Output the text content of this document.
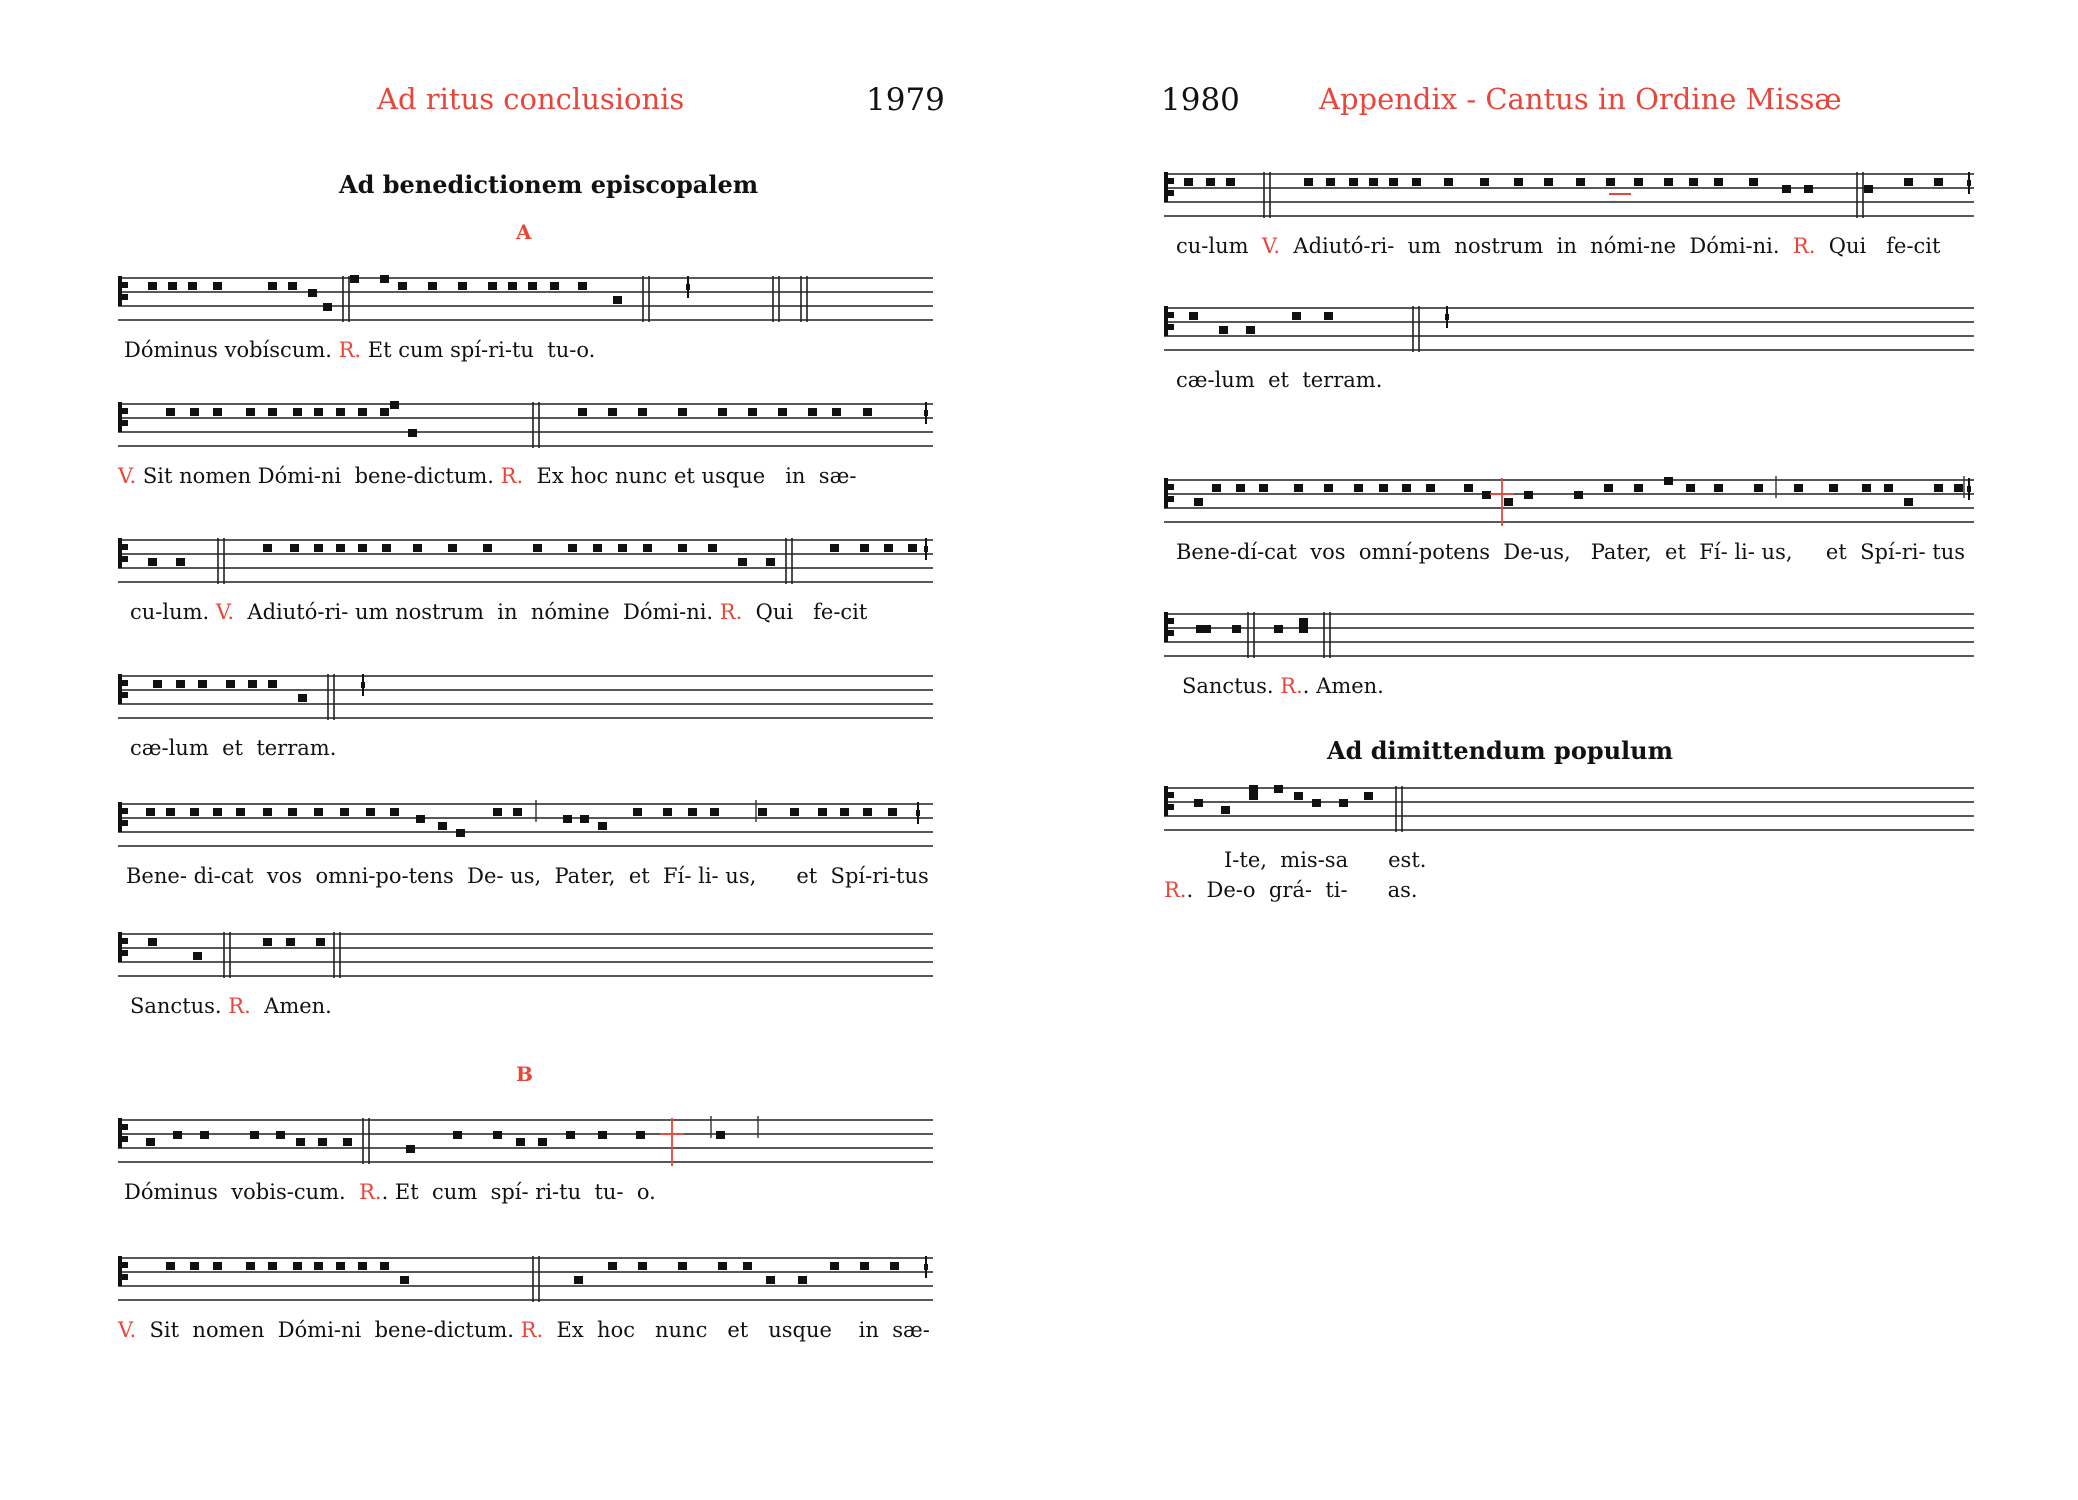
Ad ritus conclusionis	1979
Ad benedictionem episcopalem
A
B
Dóminus vobíscum. R. Et cum spí-ri-tu  tu-o.
V. Sit nomen Dómi-ni  bene-dictum. R.  Ex hoc nunc et usque   in  sæ-
cu-lum. V.  Adiutó-ri- um nostrum  in  nómine  Dómi-ni. R.  Qui   fe-cit
cæ-lum  et  terram.
Bene- di-cat  vos  omni-po-tens  De- us,  Pater,  et  Fí- li- us,      et  Spí-ri-tus
Sanctus. R.  Amen.
Dóminus  vobis-cum.  R.. Et  cum  spí- ri-tu  tu-  o.
V.  Sit  nomen  Dómi-ni  bene-dictum. R.  Ex  hoc   nunc   et   usque    in  sæ-
1980	Appendix - Cantus in Ordine Missæ
cu-lum  V.  Adiutó-ri-  um  nostrum  in  nómi-ne  Dómi-ni.  R.  Qui   fe-cit
cæ-lum  et  terram.
Bene-dí-cat  vos  omní-potens  De-us,   Pater,  et  Fí- li- us,     et  Spí-ri- tus
Sanctus. R.. Amen.
Ad dimittendum populum
I-te,  mis-sa      est.
R..  De-o  grá-  ti-      as.
